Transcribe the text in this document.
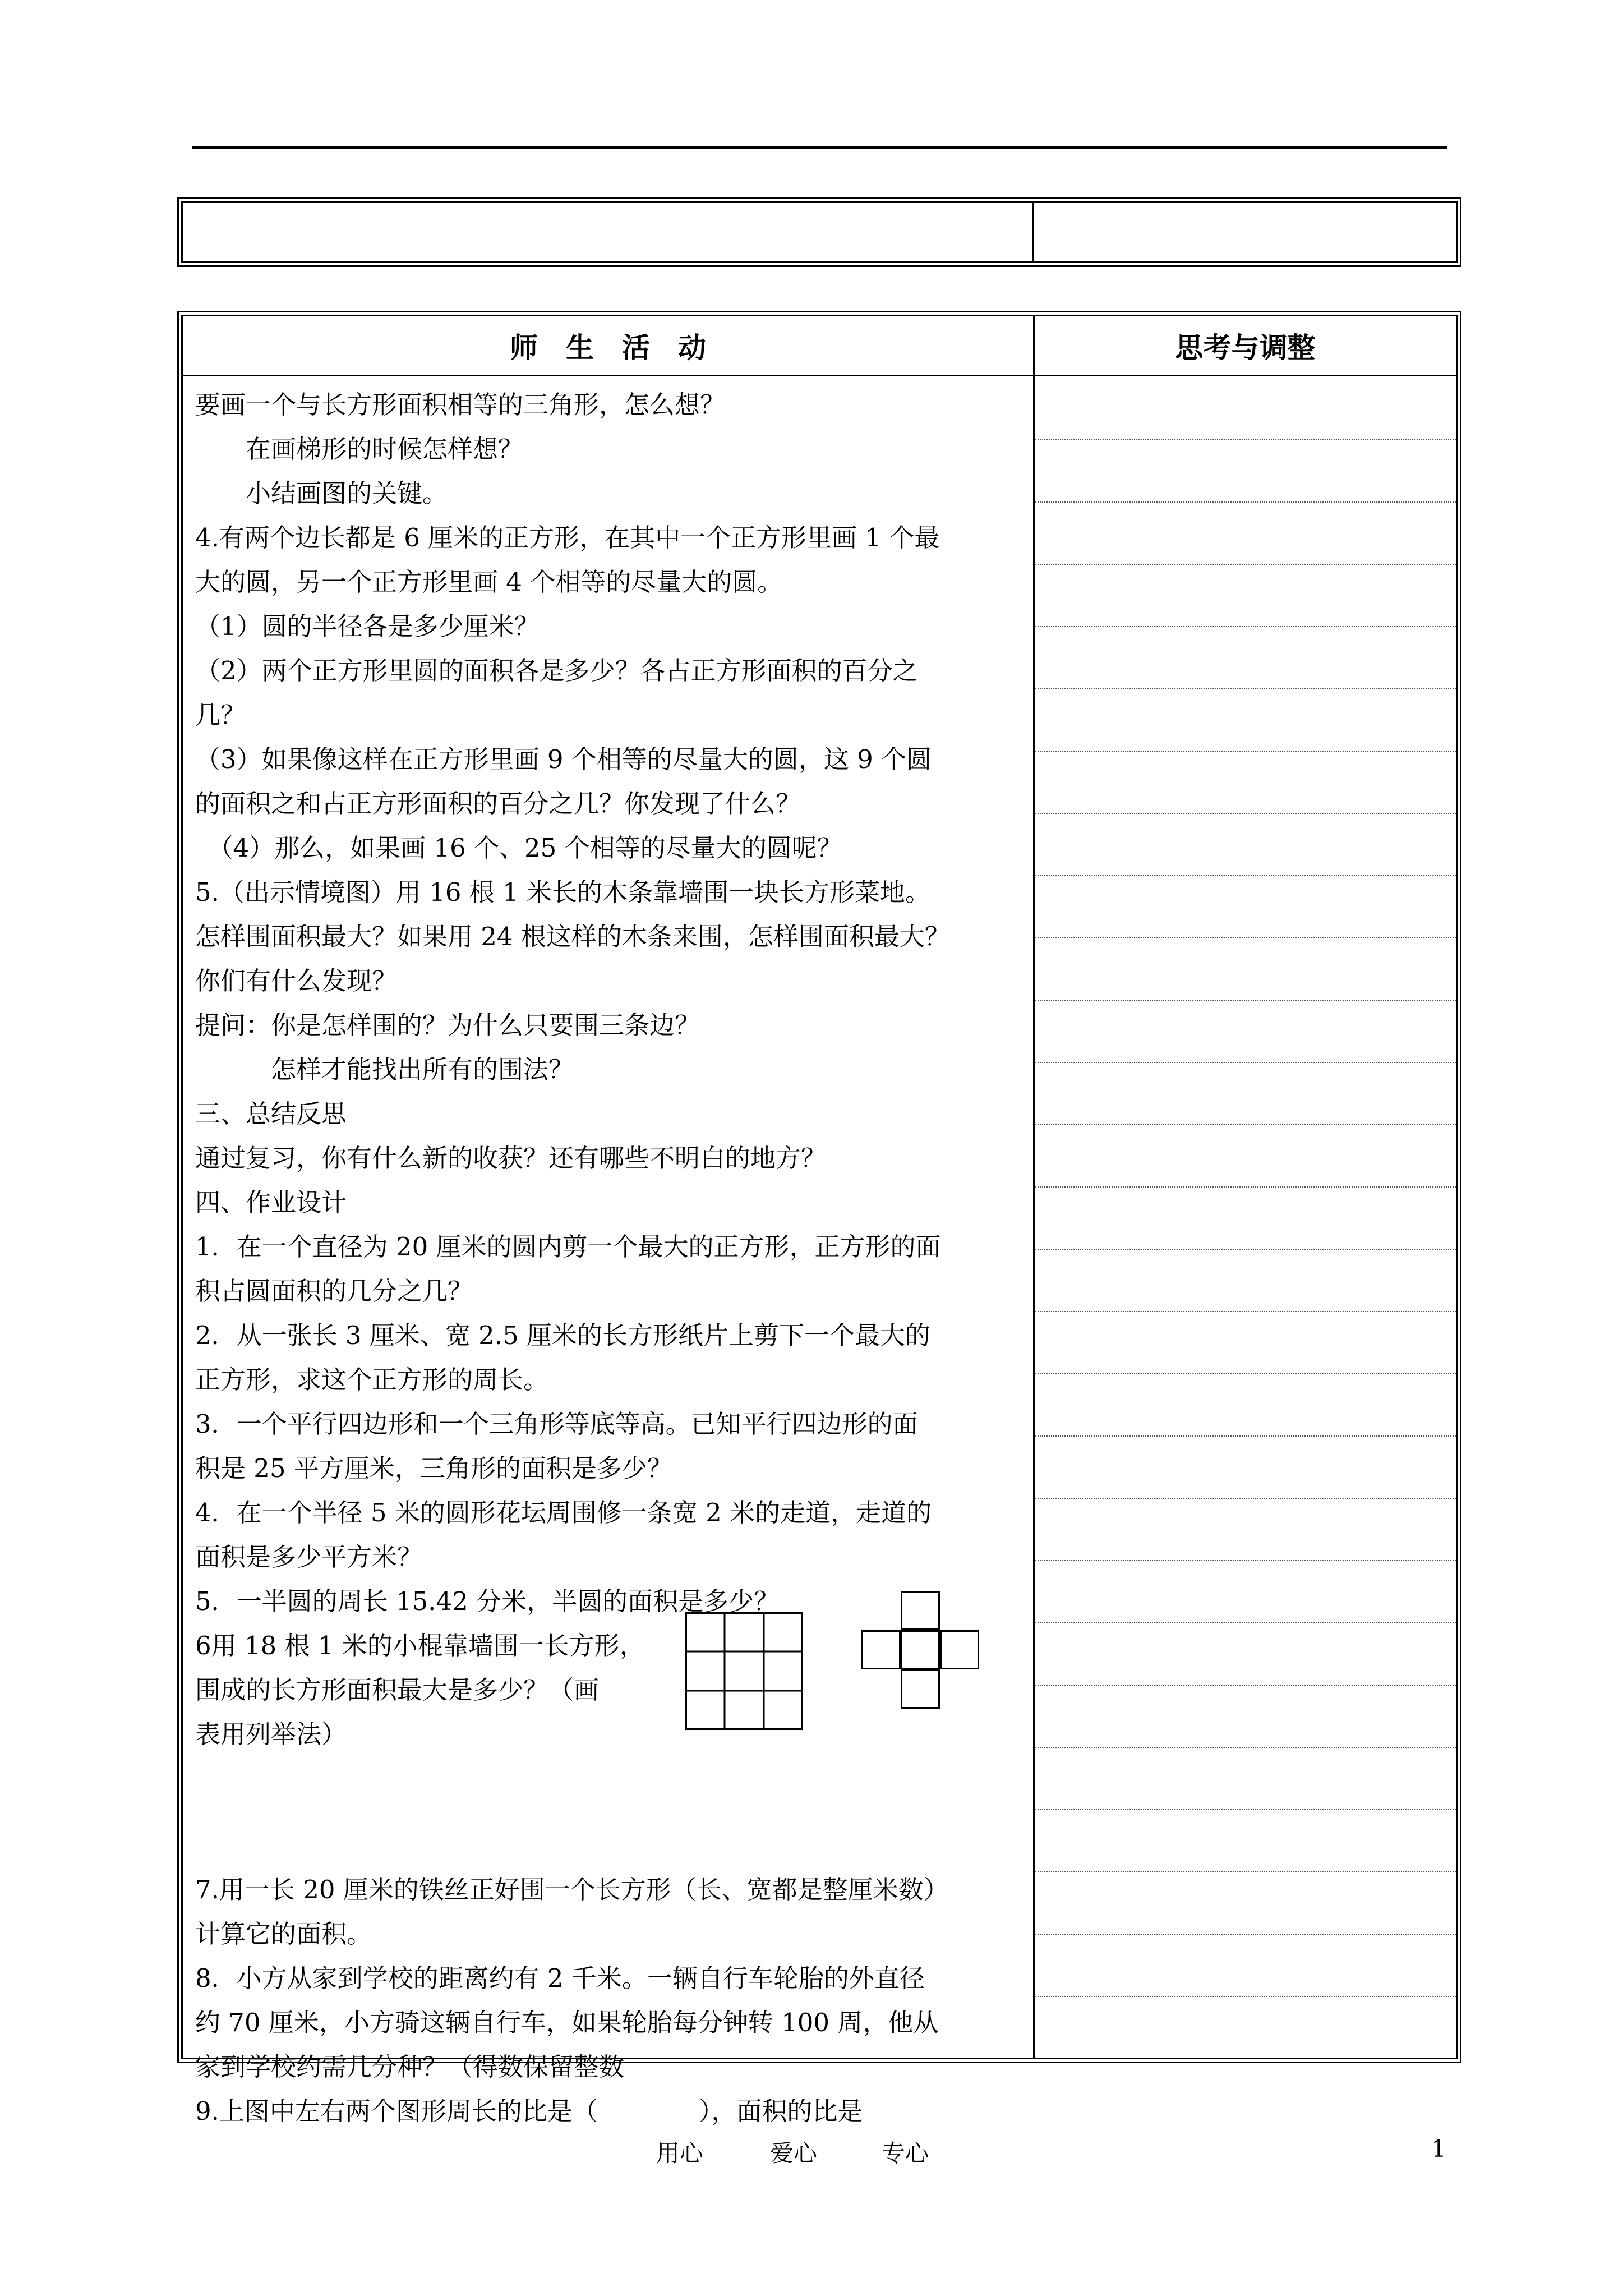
师　生　活　动	思考与调整
要画一个与长方形面积相等的三角形，怎么想？
　　在画梯形的时候怎样想？
　　小结画图的关键。
4.有两个边长都是 6 厘米的正方形，在其中一个正方形里画 1 个最
大的圆，另一个正方形里画 4 个相等的尽量大的圆。
（1）圆的半径各是多少厘米？
（2）两个正方形里圆的面积各是多少？各占正方形面积的百分之
几？
（3）如果像这样在正方形里画 9 个相等的尽量大的圆，这 9 个圆
的面积之和占正方形面积的百分之几？你发现了什么？
　（4）那么，如果画 16 个、25 个相等的尽量大的圆呢？
5.（出示情境图）用 16 根 1 米长的木条靠墙围一块长方形菜地。
怎样围面积最大？如果用 24 根这样的木条来围，怎样围面积最大？
你们有什么发现？
提问：你是怎样围的？为什么只要围三条边？
　　　怎样才能找出所有的围法？
三、总结反思
通过复习，你有什么新的收获？还有哪些不明白的地方？
四、作业设计
1．在一个直径为 20 厘米的圆内剪一个最大的正方形，正方形的面
积占圆面积的几分之几？
2．从一张长 3 厘米、宽 2.5 厘米的长方形纸片上剪下一个最大的
正方形，求这个正方形的周长。
3．一个平行四边形和一个三角形等底等高。已知平行四边形的面
积是 25 平方厘米，三角形的面积是多少？
4．在一个半径 5 米的圆形花坛周围修一条宽 2 米的走道，走道的
面积是多少平方米？
5．一半圆的周长 15.42 分米，半圆的面积是多少？
6用 18 根 1 米的小棍靠墙围一长方形，
围成的长方形面积最大是多少？（画
表用列举法）
7.用一长 20 厘米的铁丝正好围一个长方形（长、宽都是整厘米数）
计算它的面积。
8．小方从家到学校的距离约有 2 千米。一辆自行车轮胎的外直径
约 70 厘米，小方骑这辆自行车，如果轮胎每分钟转 100 周，他从
家到学校约需几分种？（得数保留整数
9.上图中左右两个图形周长的比是（　　　　），面积的比是
用心	爱心	专心	1
